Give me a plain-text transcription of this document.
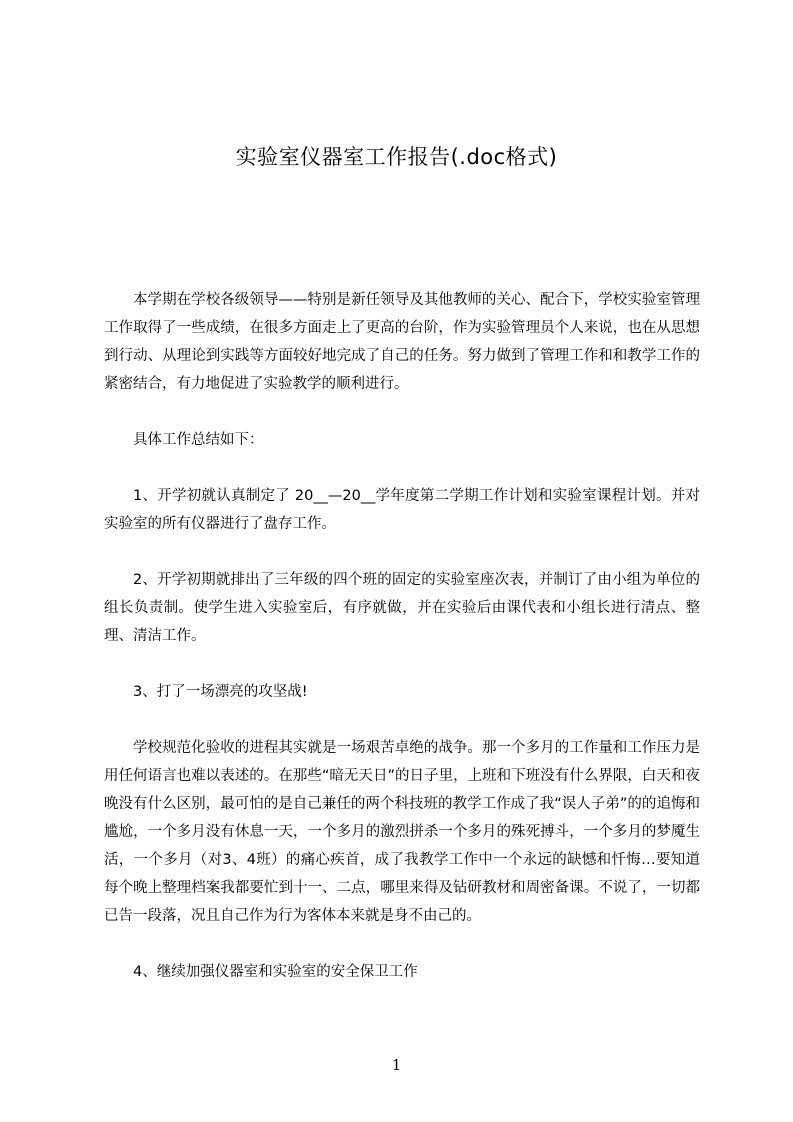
实验室仪器室工作报告(.doc格式)

本学期在学校各级领导——特别是新任领导及其他教师的关心、配合下，学校实验室管理工作取得了一些成绩，在很多方面走上了更高的台阶，作为实验管理员个人来说，也在从思想到行动、从理论到实践等方面较好地完成了自己的任务。努力做到了管理工作和和教学工作的紧密结合，有力地促进了实验教学的顺利进行。

具体工作总结如下：

1、开学初就认真制定了 20__—20__学年度第二学期工作计划和实验室课程计划。并对实验室的所有仪器进行了盘存工作。

2、开学初期就排出了三年级的四个班的固定的实验室座次表，并制订了由小组为单位的组长负责制。使学生进入实验室后，有序就做，并在实验后由课代表和小组长进行清点、整理、清洁工作。

3、打了一场漂亮的攻坚战!

学校规范化验收的进程其实就是一场艰苦卓绝的战争。那一个多月的工作量和工作压力是用任何语言也难以表述的。在那些“暗无天日”的日子里，上班和下班没有什么界限，白天和夜晚没有什么区别，最可怕的是自己兼任的两个科技班的教学工作成了我“误人子弟”的的追悔和尴尬，一个多月没有休息一天，一个多月的激烈拼杀一个多月的殊死搏斗，一个多月的梦魇生活，一个多月（对3、4班）的痛心疾首，成了我教学工作中一个永远的缺憾和忏悔…要知道每个晚上整理档案我都要忙到十一、二点，哪里来得及钻研教材和周密备课。不说了，一切都已告一段落，况且自己作为行为客体本来就是身不由己的。

4、继续加强仪器室和实验室的安全保卫工作

1
